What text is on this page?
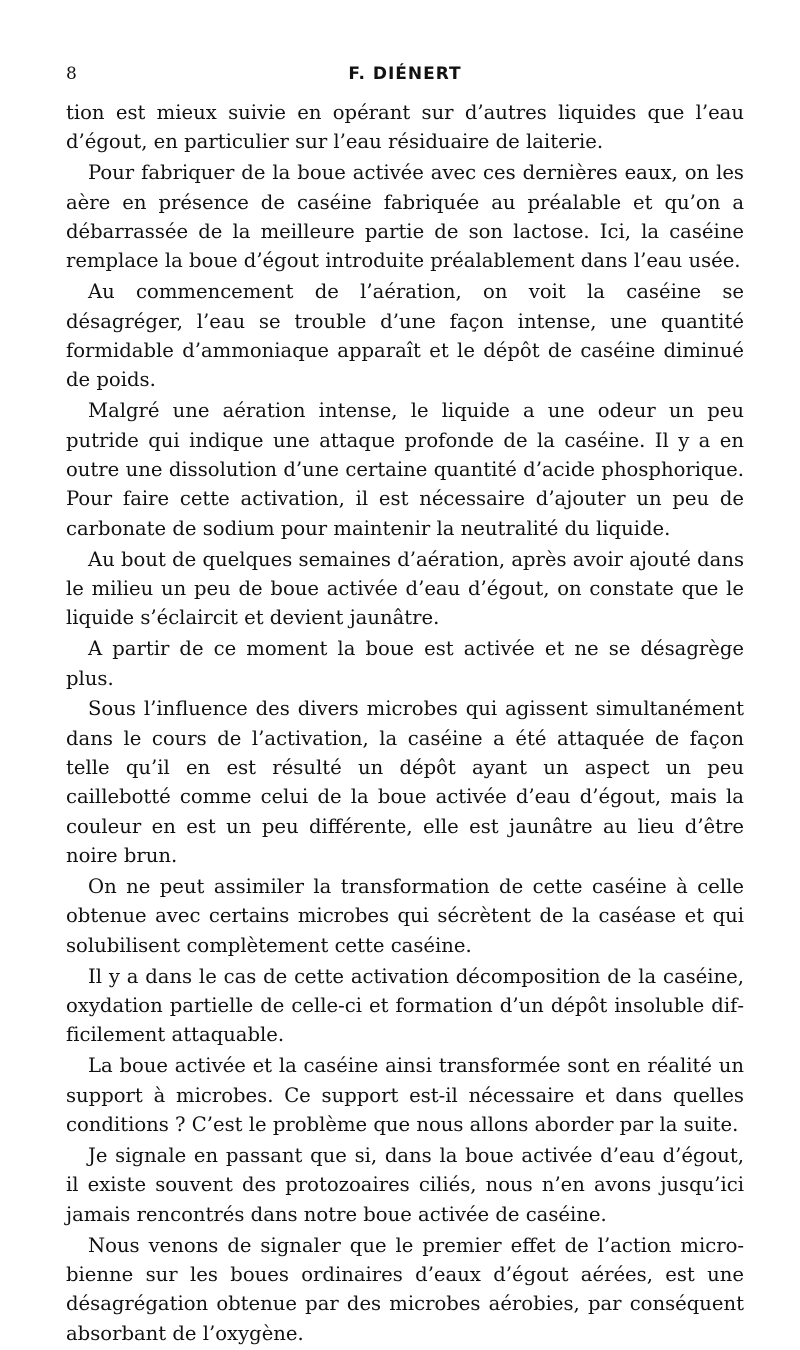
8	F. DIÉNERT

tion est mieux suivie en opérant sur d’autres liquides que l’eau d’égout, en particulier sur l’eau résiduaire de laiterie.

Pour fabriquer de la boue activée avec ces dernières eaux, on les aère en présence de caséine fabriquée au préalable et qu’on a débarrassée de la meilleure partie de son lactose. Ici, la caséine remplace la boue d’égout introduite préalablement dans l’eau usée.

Au commencement de l’aération, on voit la caséine se désagréger, l’eau se trouble d’une façon intense, une quantité formidable d’ammoniaque apparaît et le dépôt de caséine diminué de poids.

Malgré une aération intense, le liquide a une odeur un peu putride qui indique une attaque profonde de la caséine. Il y a en outre une dissolution d’une certaine quantité d’acide phosphorique. Pour faire cette activation, il est nécessaire d’ajouter un peu de carbonate de sodium pour maintenir la neutralité du liquide.

Au bout de quelques semaines d’aération, après avoir ajouté dans le milieu un peu de boue activée d’eau d’égout, on constate que le liquide s’éclaircit et devient jaunâtre.

A partir de ce moment la boue est activée et ne se désagrège plus.

Sous l’influence des divers microbes qui agissent simultanément dans le cours de l’activation, la caséine a été attaquée de façon telle qu’il en est résulté un dépôt ayant un aspect un peu caillebotté comme celui de la boue activée d’eau d’égout, mais la couleur en est un peu différente, elle est jaunâtre au lieu d’être noire brun.

On ne peut assimiler la transformation de cette caséine à celle obtenue avec certains microbes qui sécrètent de la caséase et qui solubilisent complètement cette caséine.

Il y a dans le cas de cette activation décomposition de la caséine, oxydation partielle de celle-ci et formation d’un dépôt insoluble difficilement attaquable.

La boue activée et la caséine ainsi transformée sont en réalité un support à microbes. Ce support est-il nécessaire et dans quelles conditions ? C’est le problème que nous allons aborder par la suite.

Je signale en passant que si, dans la boue activée d’eau d’égout, il existe souvent des protozoaires ciliés, nous n’en avons jusqu’ici jamais rencontrés dans notre boue activée de caséine.

Nous venons de signaler que le premier effet de l’action microbienne sur les boues ordinaires d’eaux d’égout aérées, est une désagrégation obtenue par des microbes aérobies, par conséquent absorbant de l’oxygène.
